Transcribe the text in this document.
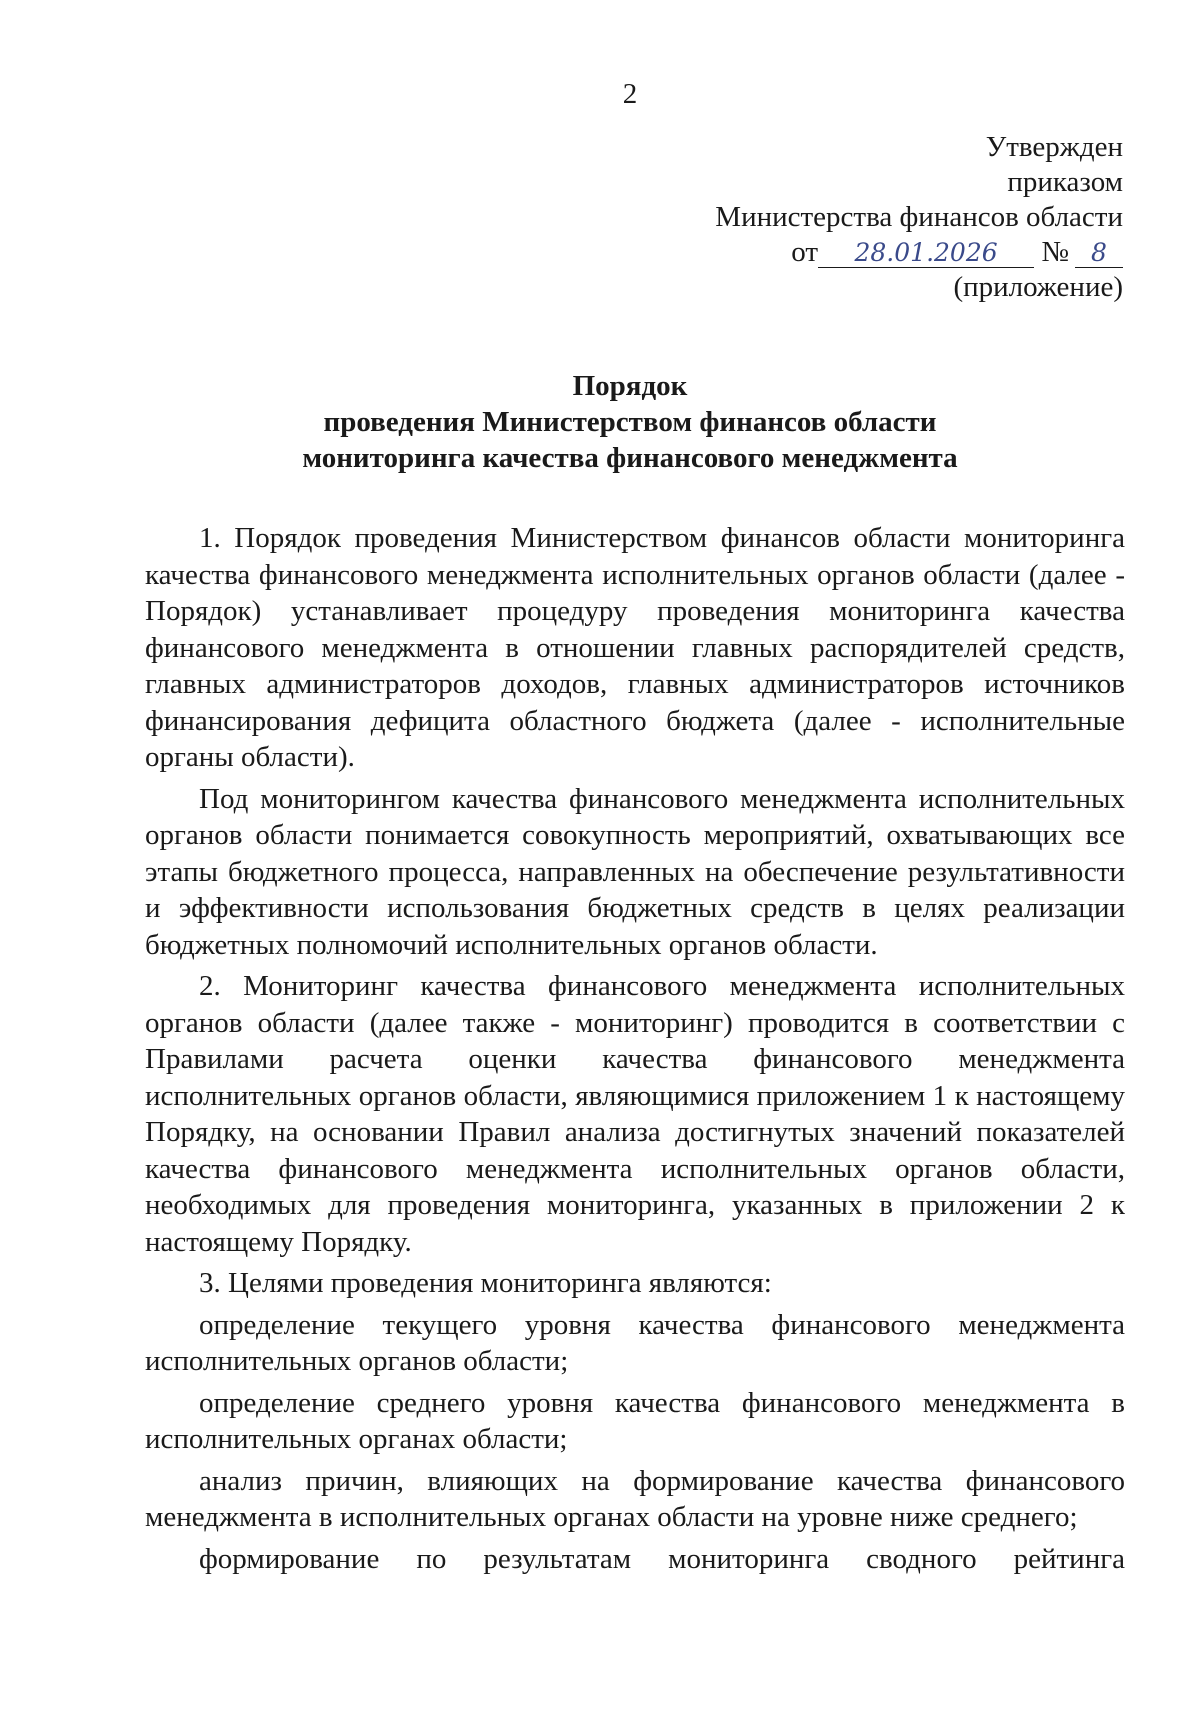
2
Утвержден
приказом
Министерства финансов области
от 28.01.2026 № 8
(приложение)
Порядок
проведения Министерством финансов области
мониторинга качества финансового менеджмента

1. Порядок проведения Министерством финансов области мониторинга качества финансового менеджмента исполнительных органов области (далее - Порядок) устанавливает процедуру проведения мониторинга качества финансового менеджмента в отношении главных распорядителей средств, главных администраторов доходов, главных администраторов источников финансирования дефицита областного бюджета (далее - исполнительные органы области).

Под мониторингом качества финансового менеджмента исполнительных органов области понимается совокупность мероприятий, охватывающих все этапы бюджетного процесса, направленных на обеспечение результативности и эффективности использования бюджетных средств в целях реализации бюджетных полномочий исполнительных органов области.

2. Мониторинг качества финансового менеджмента исполнительных органов области (далее также - мониторинг) проводится в соответствии с Правилами расчета оценки качества финансового менеджмента исполнительных органов области, являющимися приложением 1 к настоящему Порядку, на основании Правил анализа достигнутых значений показателей качества финансового менеджмента исполнительных органов области, необходимых для проведения мониторинга, указанных в приложении 2 к настоящему Порядку.

3. Целями проведения мониторинга являются:

определение текущего уровня качества финансового менеджмента исполнительных органов области;

определение среднего уровня качества финансового менеджмента в исполнительных органах области;

анализ причин, влияющих на формирование качества финансового менеджмента в исполнительных органах области на уровне ниже среднего;

формирование по результатам мониторинга сводного рейтинга
